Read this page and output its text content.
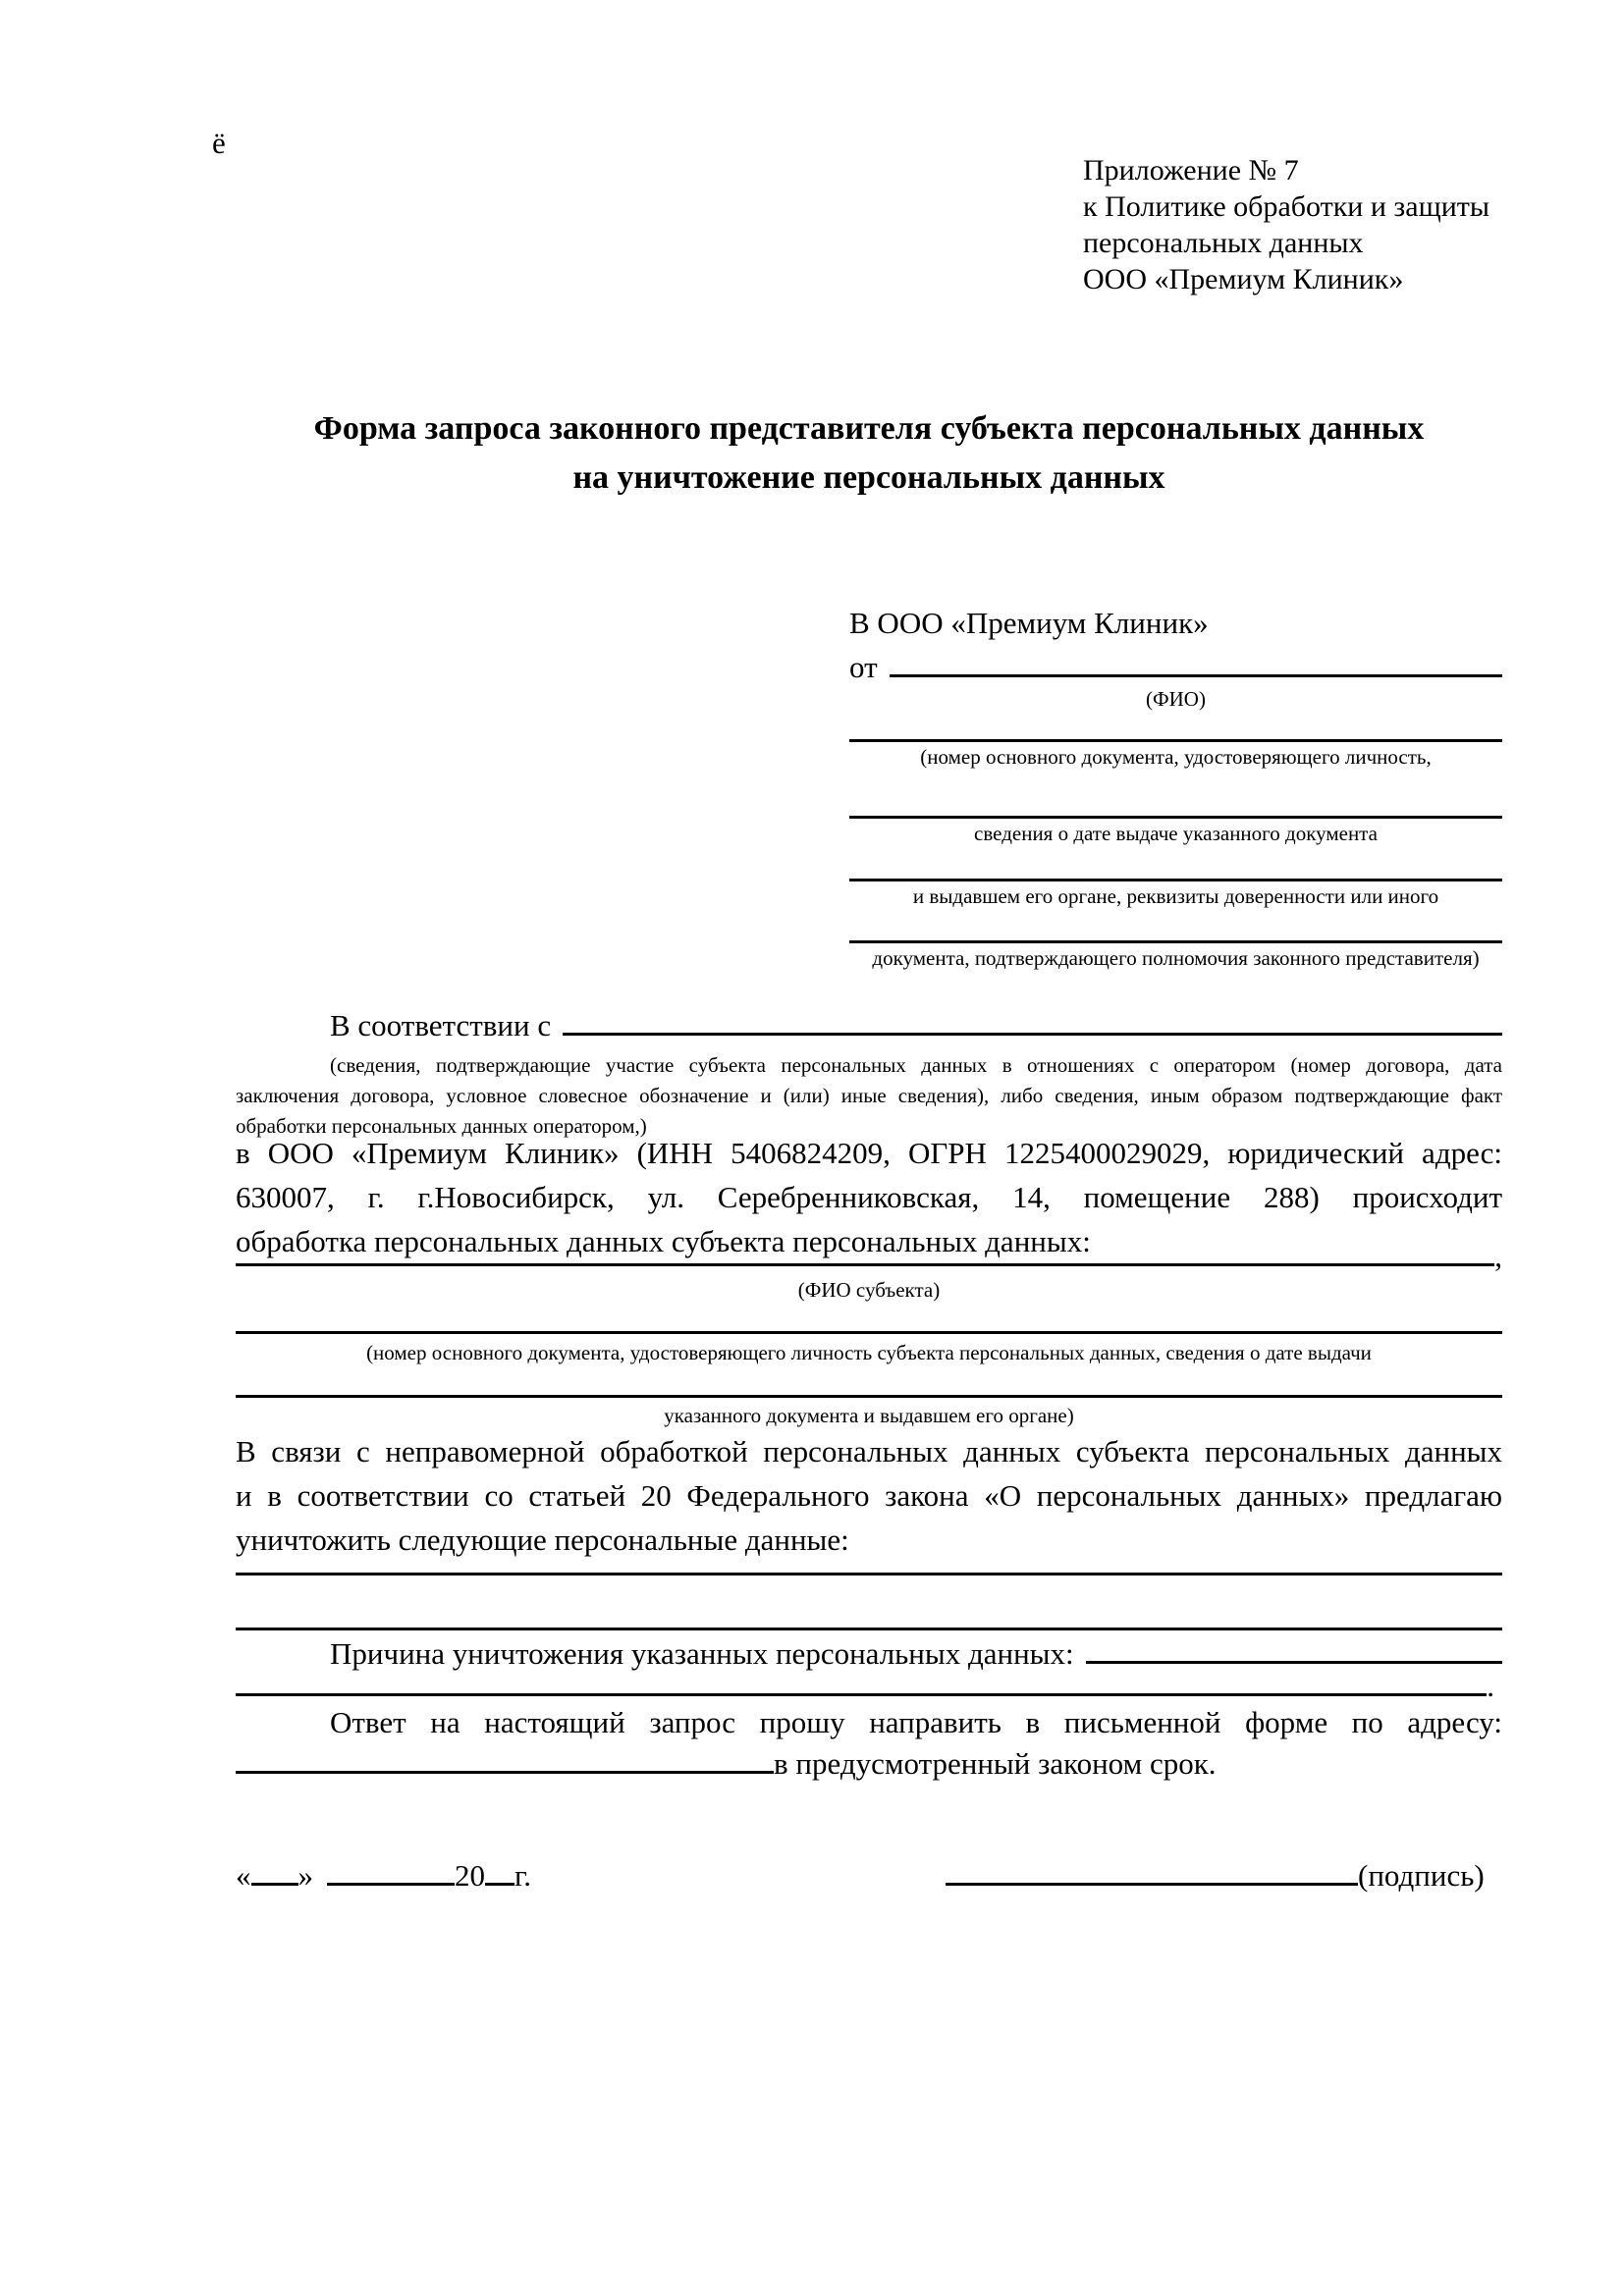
ё
Приложение № 7
к Политике обработки и защиты
персональных данных
ООО «Премиум Клиник»
Форма запроса законного представителя субъекта персональных данных
на уничтожение персональных данных
В ООО «Премиум Клиник»
от
(ФИО)
(номер основного документа, удостоверяющего личность,
сведения о дате выдаче указанного документа
и выдавшем его органе, реквизиты доверенности или иного
документа, подтверждающего полномочия законного представителя)
В соответствии с
(сведения, подтверждающие участие субъекта персональных данных в отношениях с оператором (номер договора, дата
заключения договора, условное словесное обозначение и (или) иные сведения), либо сведения, иным образом подтверждающие факт
обработки персональных данных оператором,)
в ООО «Премиум Клиник» (ИНН 5406824209, ОГРН 1225400029029, юридический адрес:
630007, г. г.Новосибирск, ул. Серебренниковская, 14, помещение 288) происходит
обработка персональных данных субъекта персональных данных:	,
(ФИО субъекта)
(номер основного документа, удостоверяющего личность субъекта персональных данных, сведения о дате выдачи
указанного документа и выдавшем его органе)
В связи с неправомерной обработкой персональных данных субъекта персональных данных
и в соответствии со статьей 20 Федерального закона «О персональных данных» предлагаю
уничтожить следующие персональные данные:
Причина уничтожения указанных персональных данных:
.
Ответ на настоящий запрос прошу направить в письменной форме по адресу:
в предусмотренный законом срок.
« »	20 г.	(подпись)
